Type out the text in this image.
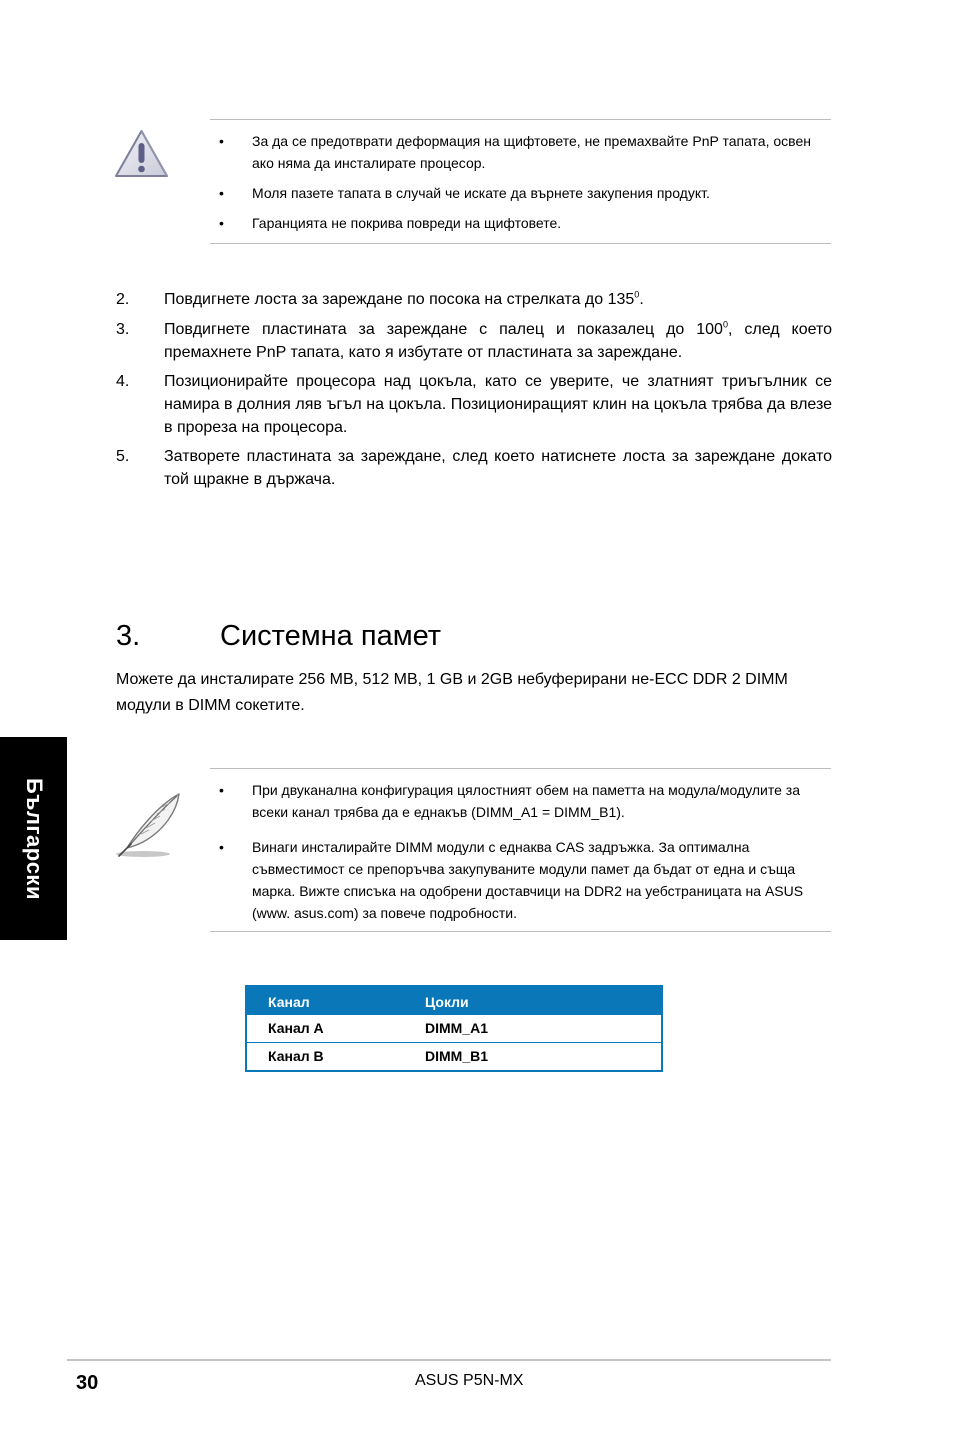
• За да се предотврати деформация на щифтовете, не премахвайте PnP тапата, освен ако няма да инсталирате процесор.
• Моля пазете тапата в случай че искате да върнете закупения продукт.
• Гаранцията не покрива повреди на щифтовете.
2. Повдигнете лоста за зареждане по посока на стрелката до $135^0$.
3. Повдигнете пластината за зареждане с палец и показалец до $100^0$, след което премахнете PnP тапата, като я избутате от пластината за зареждане.
4. Позиционирайте процесора над цокъла, като се уверите, че златният триъгълник се намира в долния ляв ъгъл на цокъла. Позициониращият клин на цокъла трябва да влезе в прореза на процесора.
5. Затворете пластината за зареждане, след което натиснете лоста за зареждане докато той щракне в държача.
3.	Системна памет
Можете да инсталирате 256 MB, 512 MB, 1 GB и 2GB небуферирани не-ECC DDR 2 DIMM модули в DIMM сокетите.
Български	• При двуканална конфигурация цялостният обем на паметта на модула/модулите за всеки канал трябва да е еднакъв (DIMM_A1 = DIMM_B1).
• Винаги инсталирайте DIMM модули с еднаква CAS задръжка. За оптимална съвместимост се препоръчва закупуваните модули памет да бъдат от една и съща марка. Вижте списъка на одобрени доставчици на DDR2 на уебстраницата на ASUS (www. asus.com) за повече подробности.
Канал	Цокли
Канал A	DIMM_A1
Канал B	DIMM_B1
30	ASUS P5N-MX
